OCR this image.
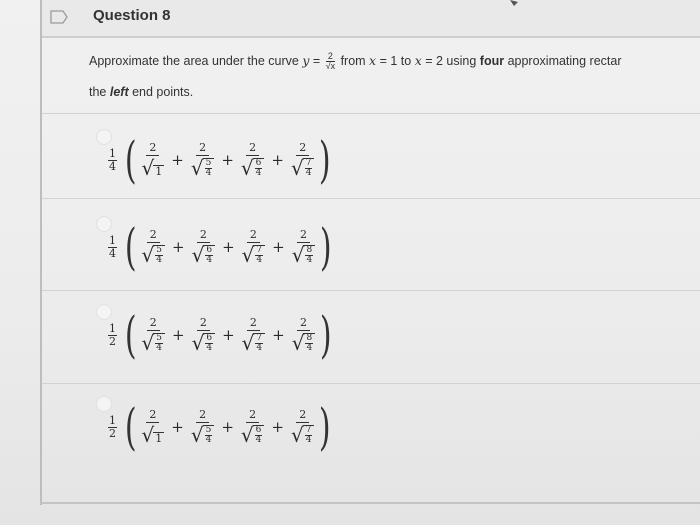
Question 8
Approximate the area under the curve $y = \frac{2}{√x}$ from x = 1 to x = 2 using four approximating rectar
the left end points.
1
4 ( $\frac{2}{√ 1} + 2$
√ 5
4 + 2
√ 6
4 + 2
√ 7
4 )
1
4 ( 2
√ 5
4 + 2
√ 6
4 + 2
√ 7
4 + 2
√ 8
4 )
1
2 ( 2
√ 5
4 + 2
√ 6
4 + 2
√ 7
4 + 2
√ 8
4 )
1
2 ( $\frac{2}{√ 1} + 2$
√ 5
4 + 2
√ 6
4 + 2
√ 7
4 )
